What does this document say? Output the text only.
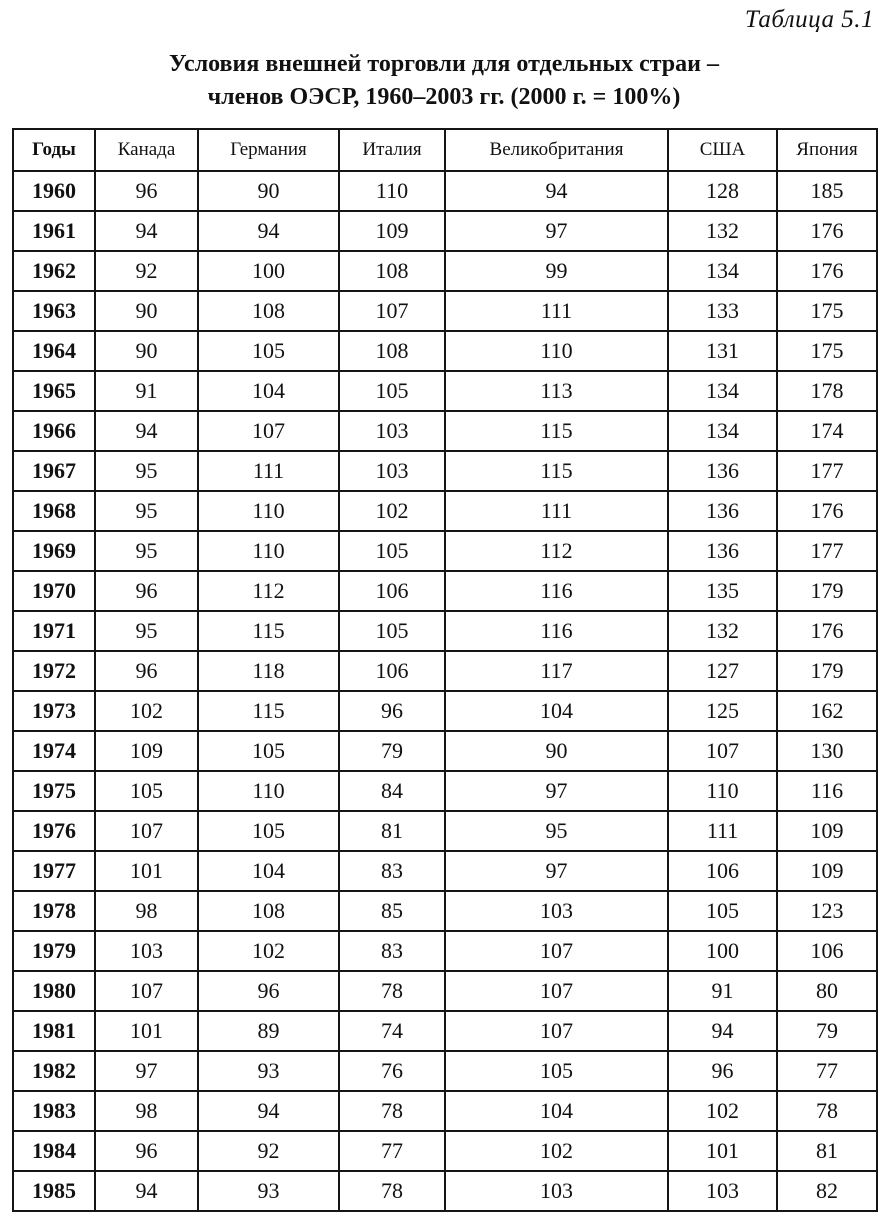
Таблица 5.1
Условия внешней торговли для отдельных страи –
членов ОЭСР, 1960–2003 гг. (2000 г. = 100%)
Годы	Канада	Германия	Италия	Великобритания	США	Япония
1960	96	90	110	94	128	185
1961	94	94	109	97	132	176
1962	92	100	108	99	134	176
1963	90	108	107	111	133	175
1964	90	105	108	110	131	175
1965	91	104	105	113	134	178
1966	94	107	103	115	134	174
1967	95	111	103	115	136	177
1968	95	110	102	111	136	176
1969	95	110	105	112	136	177
1970	96	112	106	116	135	179
1971	95	115	105	116	132	176
1972	96	118	106	117	127	179
1973	102	115	96	104	125	162
1974	109	105	79	90	107	130
1975	105	110	84	97	110	116
1976	107	105	81	95	111	109
1977	101	104	83	97	106	109
1978	98	108	85	103	105	123
1979	103	102	83	107	100	106
1980	107	96	78	107	91	80
1981	101	89	74	107	94	79
1982	97	93	76	105	96	77
1983	98	94	78	104	102	78
1984	96	92	77	102	101	81
1985	94	93	78	103	103	82
